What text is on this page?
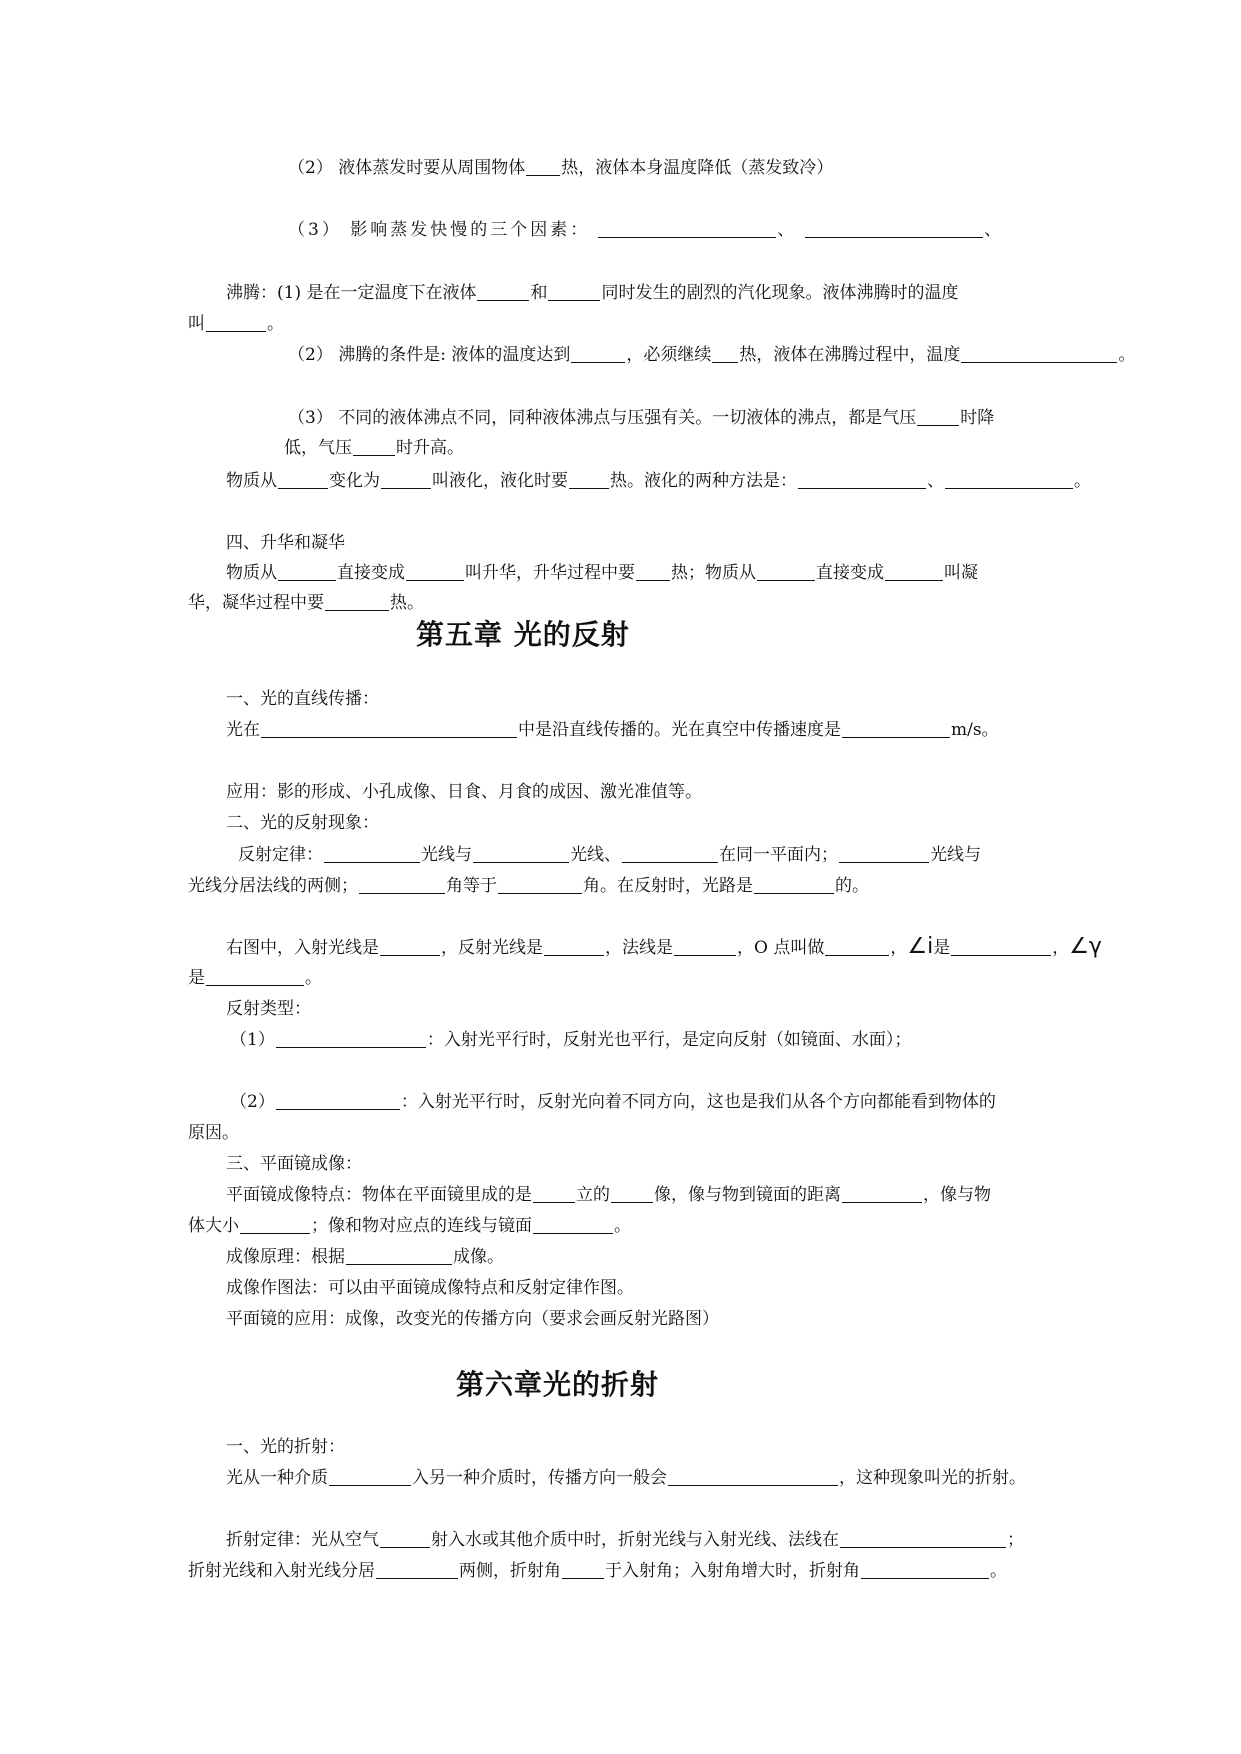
（2） 液体蒸发时要从周围物体 热，液体本身温度降低（蒸发致冷）
（3） 影响蒸发快慢的三个因素：	、	、
沸腾：(1) 是在一定温度下在液体	和	同时发生的剧烈的汽化现象。液体沸腾时的温度
叫	。
（2） 沸腾的条件是: 液体的温度达到	，必须继续 热，液体在沸腾过程中，温度	。
（3） 不同的液体沸点不同，同种液体沸点与压强有关。一切液体的沸点，都是气压	时降
低，气压	时升高。
物质从	变化为	叫液化，液化时要 热。液化的两种方法是：	、	。
四、升华和凝华
物质从	直接变成	叫升华，升华过程中要 热；物质从	直接变成	叫凝
华，凝华过程中要	热。
第五章 光的反射
一、光的直线传播：
光在	中是沿直线传播的。光在真空中传播速度是	m/s。
应用：影的形成、小孔成像、日食、月食的成因、激光准值等。
二、光的反射现象：
反射定律：	光线与	光线、	在同一平面内；	光线与
光线分居法线的两侧；	角等于	角。在反射时，光路是	的。
右图中，入射光线是	，反射光线是	，法线是	，O 点叫做	，∠i是	，∠γ
是	。
反射类型：
（1）	：入射光平行时，反射光也平行，是定向反射（如镜面、水面）；
（2）	：入射光平行时，反射光向着不同方向，这也是我们从各个方向都能看到物体的
原因。
三、平面镜成像：
平面镜成像特点：物体在平面镜里成的是	立的	像，像与物到镜面的距离	，像与物
体大小	；像和物对应点的连线与镜面	。
成像原理：根据	成像。
成像作图法：可以由平面镜成像特点和反射定律作图。
平面镜的应用：成像，改变光的传播方向（要求会画反射光路图）
第六章光的折射
一、光的折射：
光从一种介质	入另一种介质时，传播方向一般会	，这种现象叫光的折射。
折射定律：光从空气	射入水或其他介质中时，折射光线与入射光线、法线在	；
折射光线和入射光线分居	两侧，折射角	于入射角；入射角增大时，折射角	。
